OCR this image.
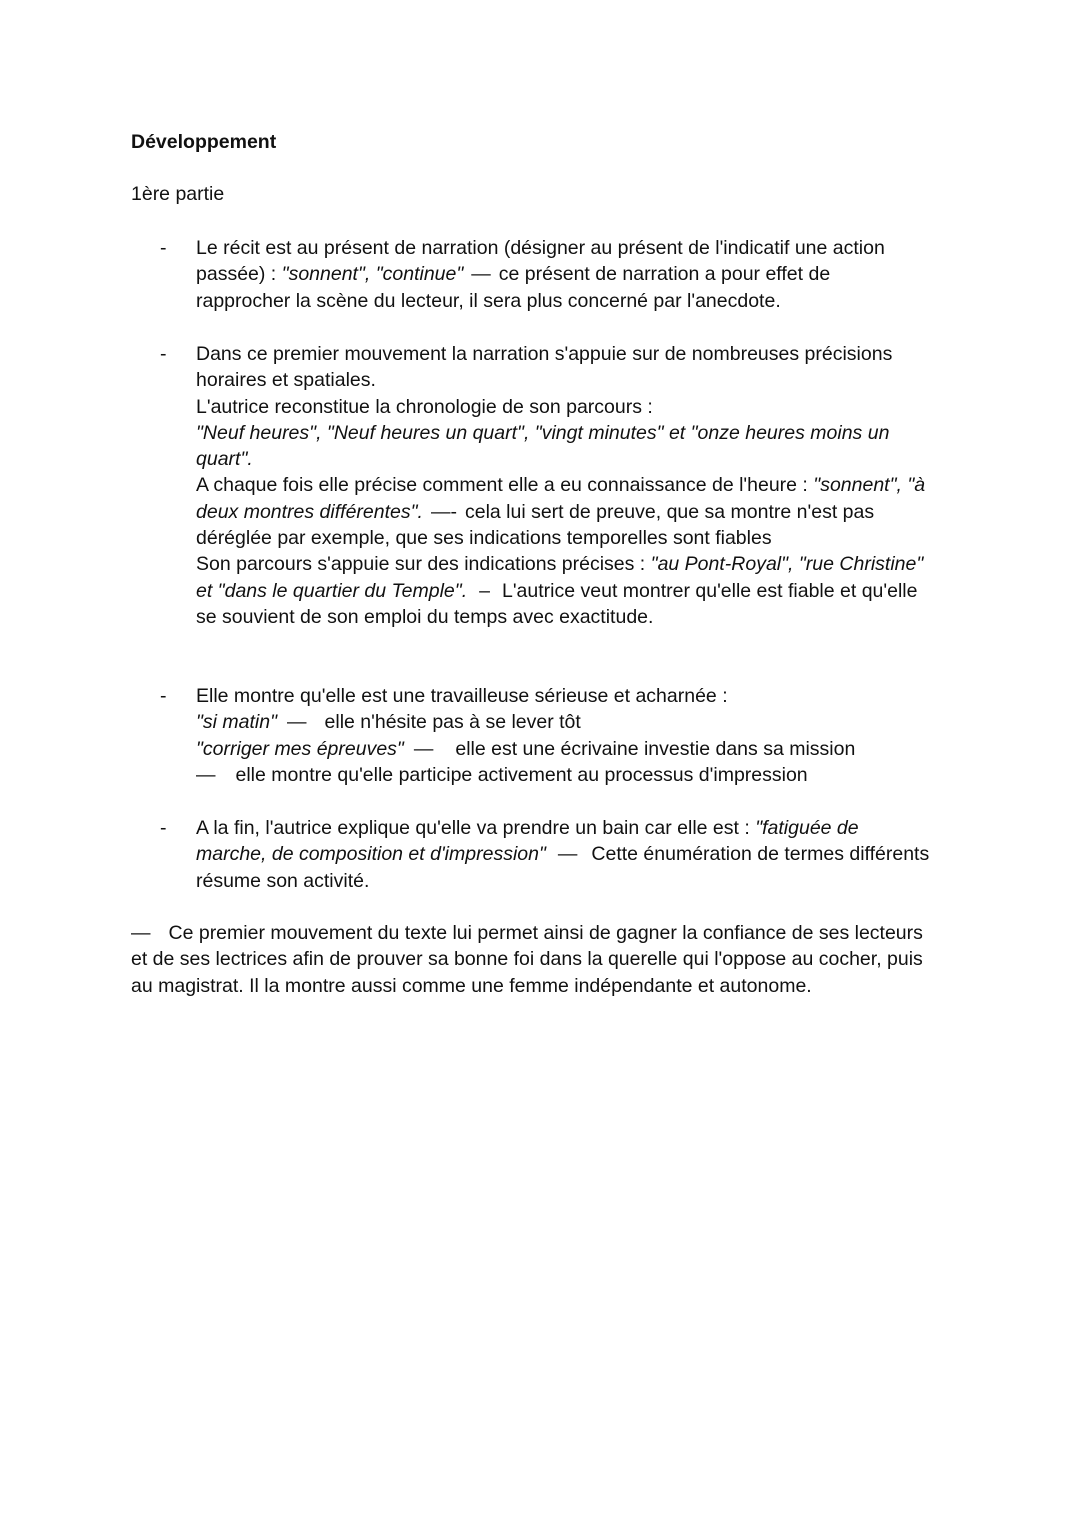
Développement
1ère partie
- Le récit est au présent de narration (désigner au présent de l'indicatif une action
passée) : "sonnent", "continue" — ce présent de narration a pour effet de
rapprocher la scène du lecteur, il sera plus concerné par l'anecdote.
- Dans ce premier mouvement la narration s'appuie sur de nombreuses précisions
horaires et spatiales.
L'autrice reconstitue la chronologie de son parcours :
"Neuf heures", "Neuf heures un quart", "vingt minutes" et "onze heures moins un
quart".
A chaque fois elle précise comment elle a eu connaissance de l'heure : "sonnent", "à
deux montres différentes". —- cela lui sert de preuve, que sa montre n'est pas
déréglée par exemple, que ses indications temporelles sont fiables
Son parcours s'appuie sur des indications précises : "au Pont-Royal", "rue Christine"
et "dans le quartier du Temple". – L'autrice veut montrer qu'elle est fiable et qu'elle
se souvient de son emploi du temps avec exactitude.
- Elle montre qu'elle est une travailleuse sérieuse et acharnée :
"si matin" — elle n'hésite pas à se lever tôt
"corriger mes épreuves" — elle est une écrivaine investie dans sa mission
— elle montre qu'elle participe activement au processus d'impression
- A la fin, l'autrice explique qu'elle va prendre un bain car elle est : "fatiguée de
marche, de composition et d'impression" — Cette énumération de termes différents
résume son activité.
— Ce premier mouvement du texte lui permet ainsi de gagner la confiance de ses lecteurs
et de ses lectrices afin de prouver sa bonne foi dans la querelle qui l'oppose au cocher, puis
au magistrat. Il la montre aussi comme une femme indépendante et autonome.
